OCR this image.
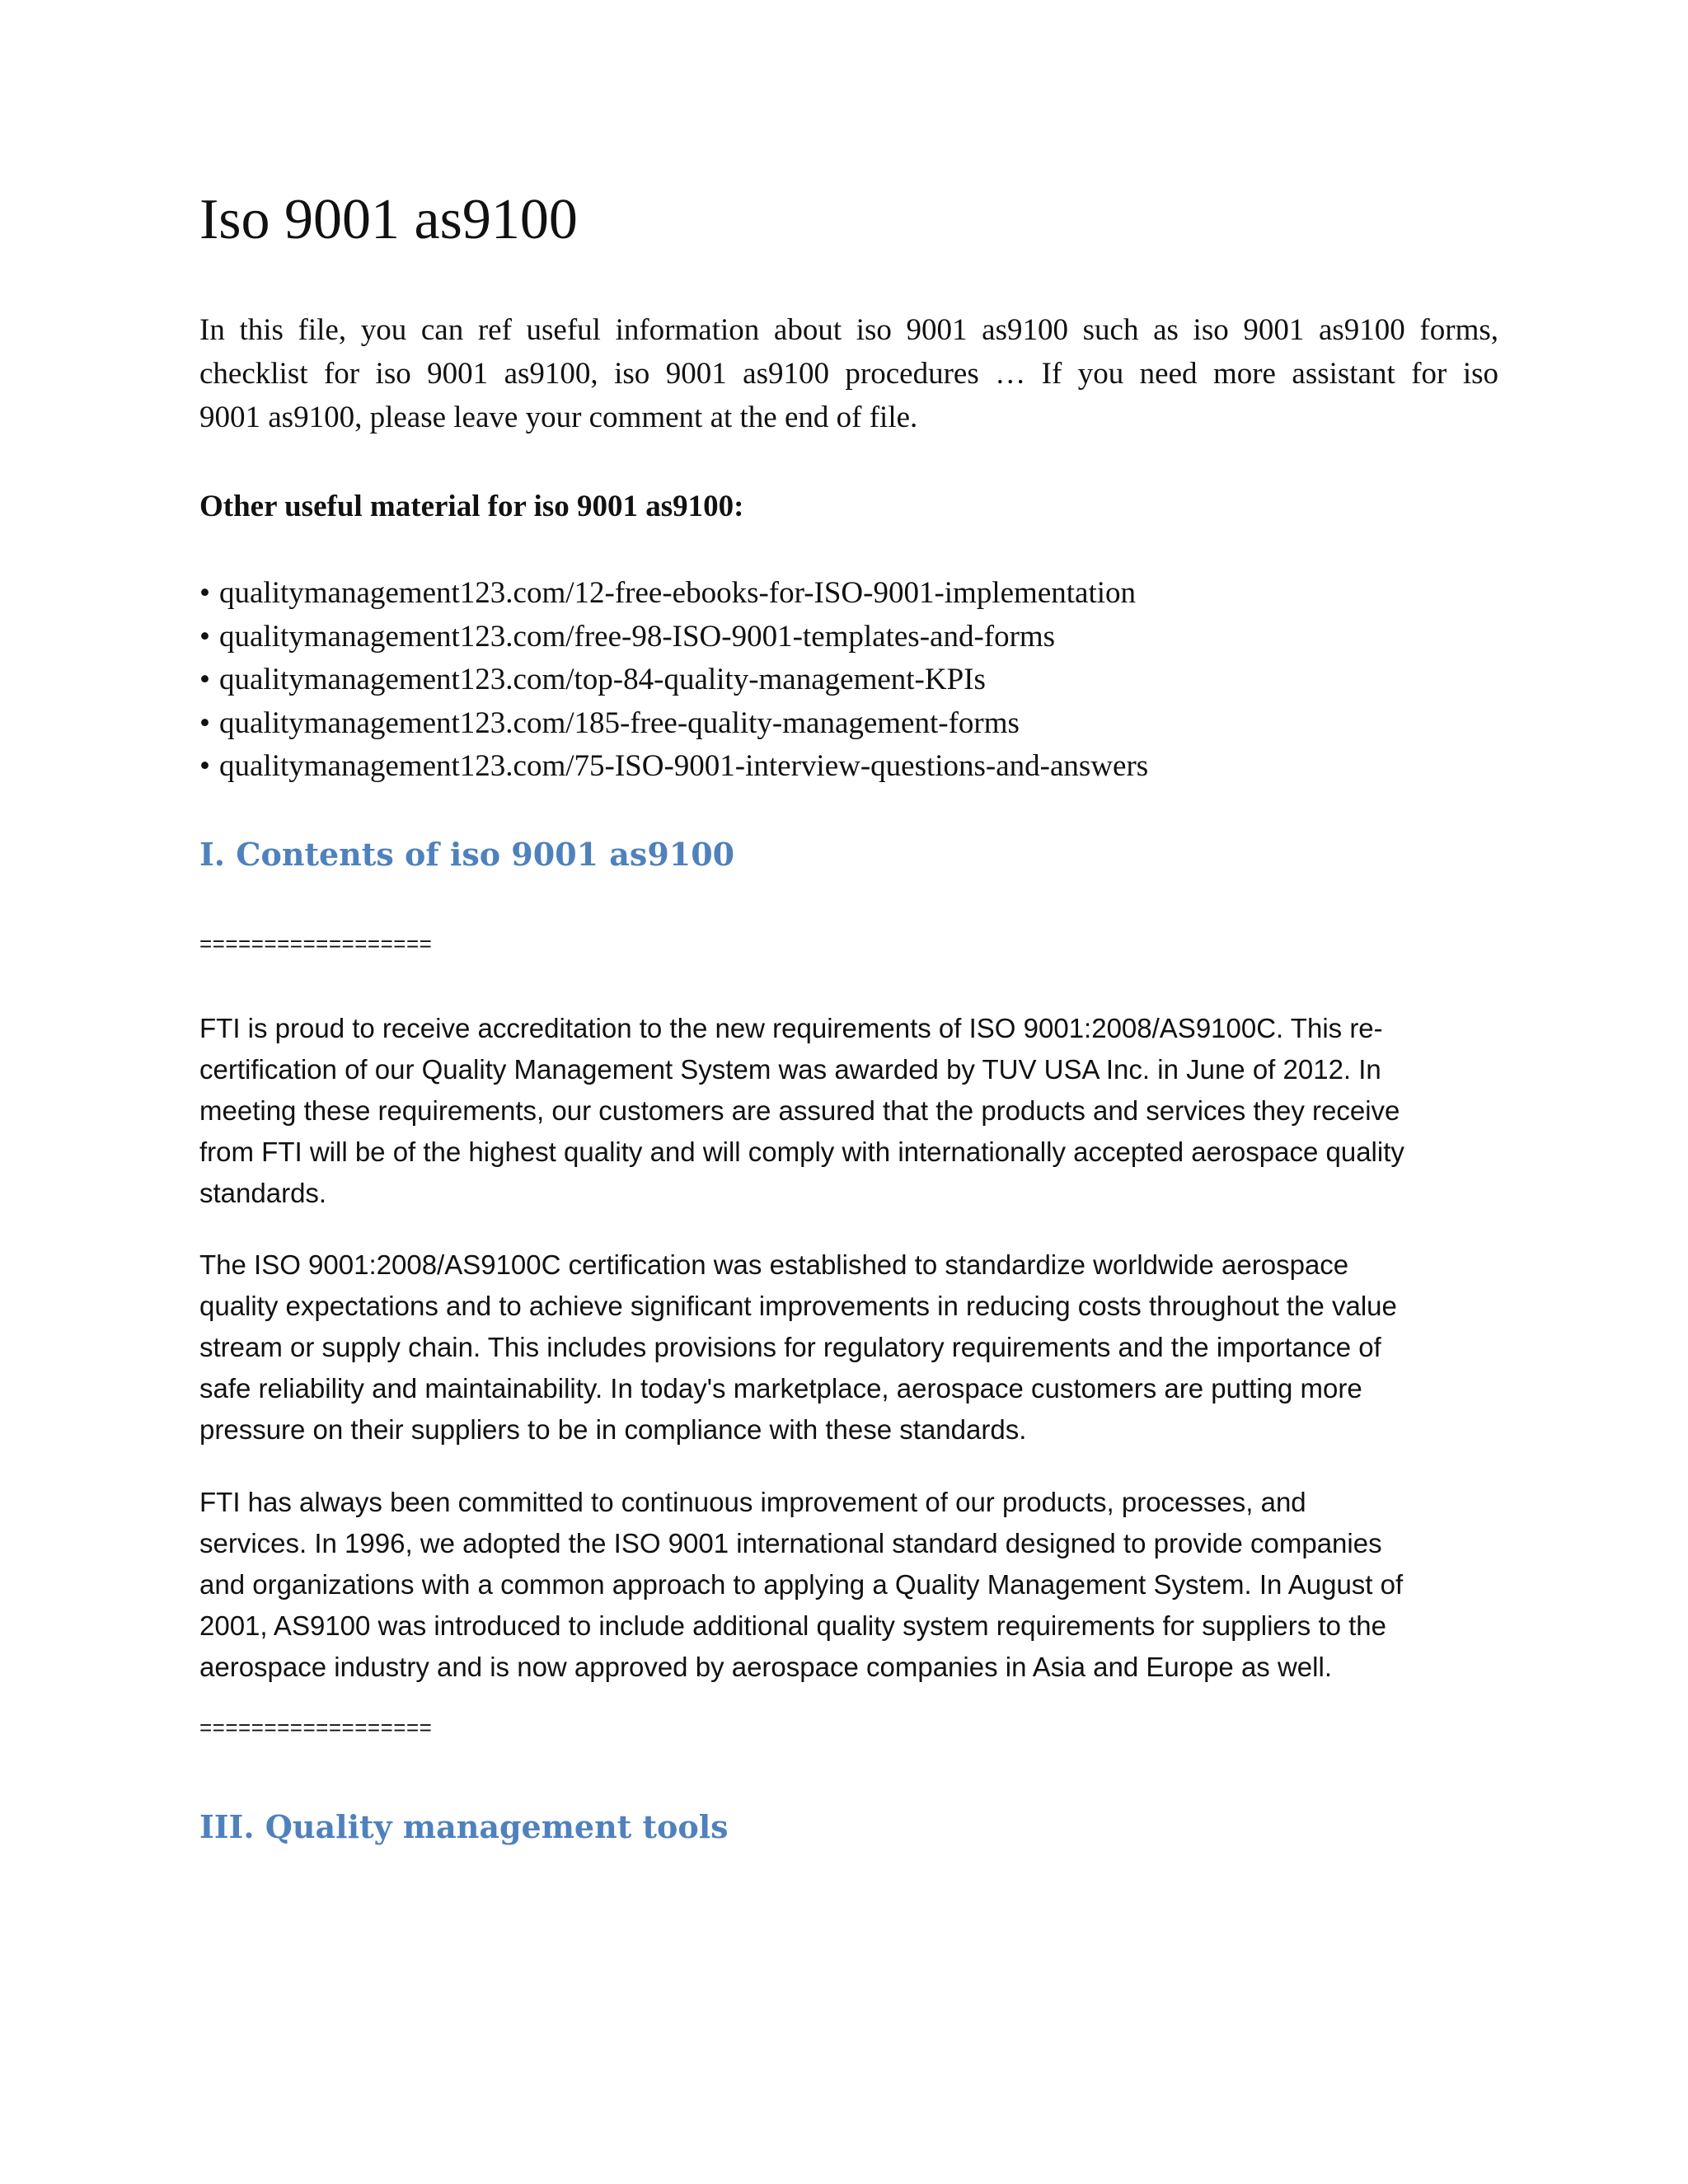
Iso 9001 as9100

In this file, you can ref useful information about iso 9001 as9100 such as iso 9001 as9100 forms,
checklist for iso 9001 as9100, iso 9001 as9100 procedures … If you need more assistant for iso
9001 as9100, please leave your comment at the end of file.

Other useful material for iso 9001 as9100:

• qualitymanagement123.com/12-free-ebooks-for-ISO-9001-implementation
• qualitymanagement123.com/free-98-ISO-9001-templates-and-forms
• qualitymanagement123.com/top-84-quality-management-KPIs
• qualitymanagement123.com/185-free-quality-management-forms
• qualitymanagement123.com/75-ISO-9001-interview-questions-and-answers
I. Contents of iso 9001 as9100

==================

FTI is proud to receive accreditation to the new requirements of ISO 9001:2008/AS9100C. This re-
certification of our Quality Management System was awarded by TUV USA Inc. in June of 2012. In
meeting these requirements, our customers are assured that the products and services they receive
from FTI will be of the highest quality and will comply with internationally accepted aerospace quality
standards.
The ISO 9001:2008/AS9100C certification was established to standardize worldwide aerospace
quality expectations and to achieve significant improvements in reducing costs throughout the value
stream or supply chain. This includes provisions for regulatory requirements and the importance of
safe reliability and maintainability. In today's marketplace, aerospace customers are putting more
pressure on their suppliers to be in compliance with these standards.
FTI has always been committed to continuous improvement of our products, processes, and
services. In 1996, we adopted the ISO 9001 international standard designed to provide companies
and organizations with a common approach to applying a Quality Management System. In August of
2001, AS9100 was introduced to include additional quality system requirements for suppliers to the
aerospace industry and is now approved by aerospace companies in Asia and Europe as well.

==================

III. Quality management tools
